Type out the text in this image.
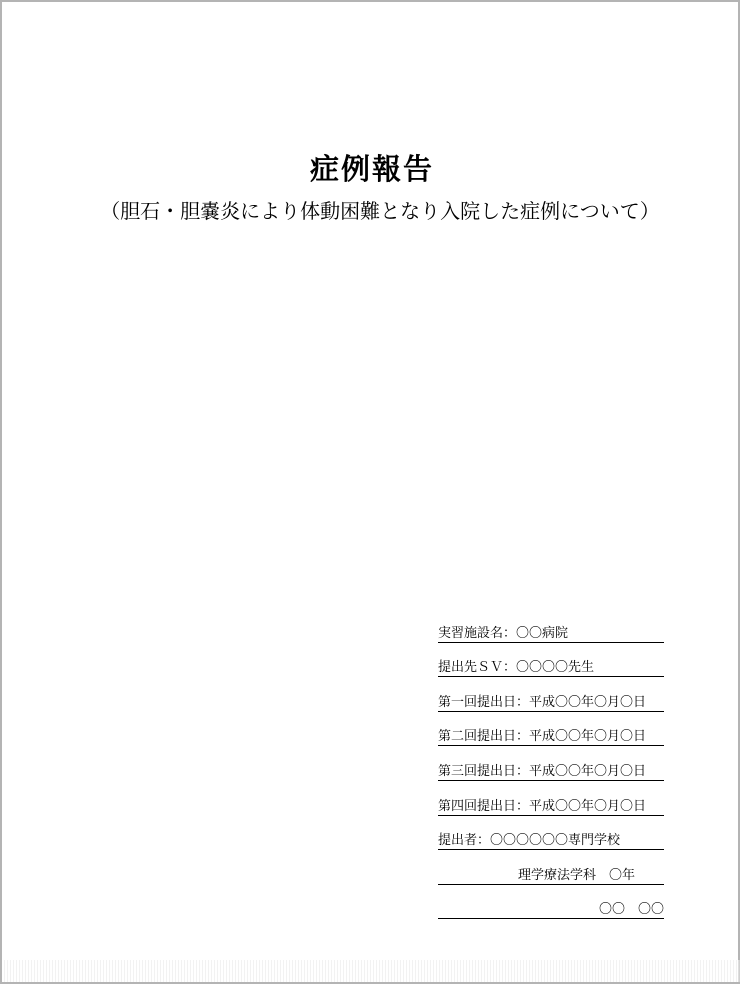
症例報告
（胆石・胆嚢炎により体動困難となり入院した症例について）
実習施設名：〇〇病院
提出先ＳＶ：〇〇〇〇先生
第一回提出日：平成〇〇年〇月〇日
第二回提出日：平成〇〇年〇月〇日
第三回提出日：平成〇〇年〇月〇日
第四回提出日：平成〇〇年〇月〇日
提出者：〇〇〇〇〇〇専門学校
理学療法学科　〇年
〇〇　〇〇
